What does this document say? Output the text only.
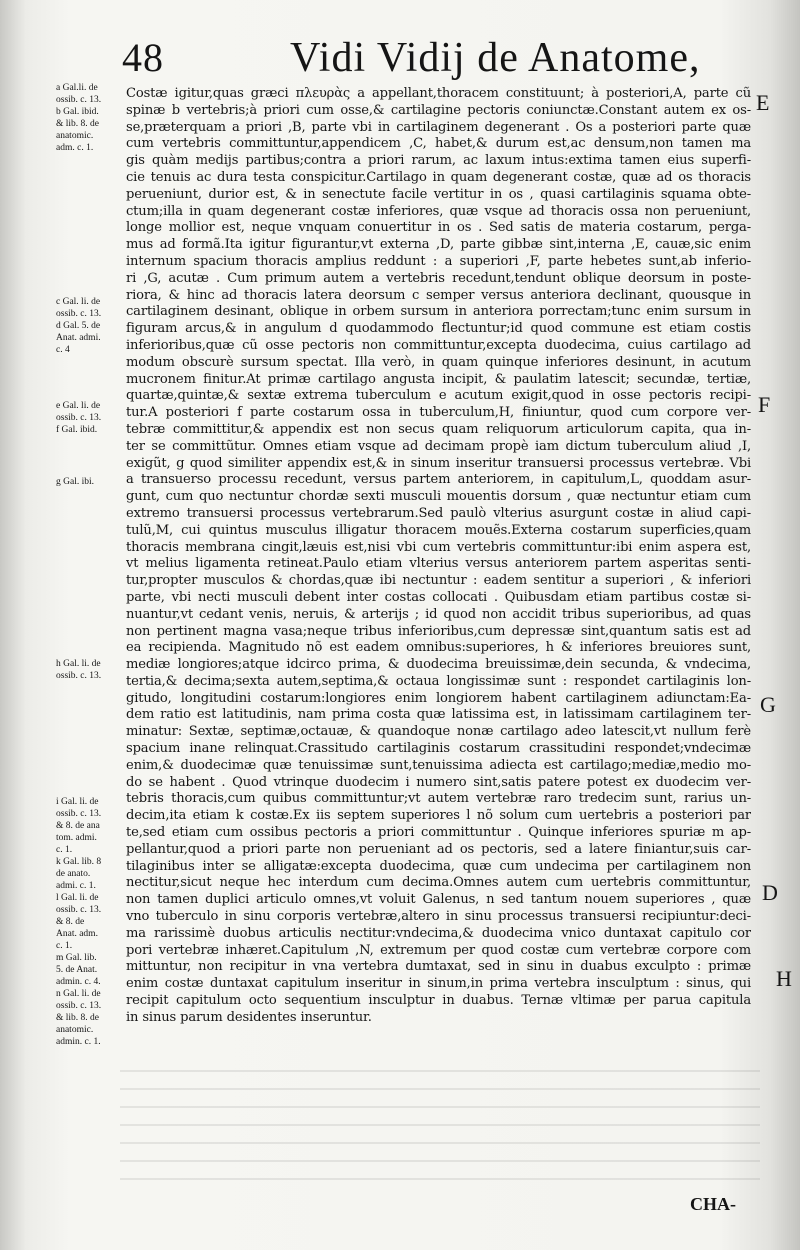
48	Vidi Vidij de Anatome,
a Gal.li. de
ossib. c. 13.
b Gal. ibid.
& lib. 8. de
anatomic.
adm. c. 1.
c Gal. li. de
ossib. c. 13.
d Gal. 5. de
Anat. admi.
c. 4
e Gal. li. de
ossib. c. 13.
f Gal. ibid.
g Gal. ibi.
h Gal. li. de
ossib. c. 13.
i Gal. li. de
ossib. c. 13.
& 8. de ana
tom. admi.
c. 1.
k Gal. lib. 8
de anato.
admi. c. 1.
l Gal. li. de
ossib. c. 13.
& 8. de
Anat. adm.
c. 1.
m Gal. lib.
5. de Anat.
admin. c. 4.
n Gal. li. de
ossib. c. 13.
& lib. 8. de
anatomic.
admin. c. 1.
E
F
G
D
H
Costæ igitur,quas græci πλευρὰς a appellant,thoracem constituunt; à posteriori,A, parte cũ
spinæ b vertebris;à priori cum osse,& cartilagine pectoris coniunctæ.Constant autem ex os-
se,præterquam a priori ,B, parte vbi in cartilaginem degenerant . Os a posteriori parte quæ
cum vertebris committuntur,appendicem ,C, habet,& durum est,ac densum,non tamen ma
gis quàm medijs partibus;contra a priori rarum, ac laxum intus:extima tamen eius superfi-
cie tenuis ac dura testa conspicitur.Cartilago in quam degenerant costæ, quæ ad os thoracis
perueniunt, durior est, & in senectute facile vertitur in os , quasi cartilaginis squama obte-
ctum;illa in quam degenerant costæ inferiores, quæ vsque ad thoracis ossa non perueniunt,
longe mollior est, neque vnquam conuertitur in os . Sed satis de materia costarum, perga-
mus ad formã.Ita igitur figurantur,vt externa ,D, parte gibbæ sint,interna ,E, cauæ,sic enim
internum spacium thoracis amplius reddunt : a superiori ,F, parte hebetes sunt,ab inferio-
ri ,G, acutæ . Cum primum autem a vertebris recedunt,tendunt oblique deorsum in poste-
riora, & hinc ad thoracis latera deorsum c semper versus anteriora declinant, quousque in
cartilaginem desinant, oblique in orbem sursum in anteriora porrectam;tunc enim sursum in
figuram arcus,& in angulum d quodammodo flectuntur;id quod commune est etiam costis
inferioribus,quæ cũ osse pectoris non committuntur,excepta duodecima, cuius cartilago ad
modum obscurè sursum spectat. Illa verò, in quam quinque inferiores desinunt, in acutum
mucronem finitur.At primæ cartilago angusta incipit, & paulatim latescit; secundæ, tertiæ,
quartæ,quintæ,& sextæ extrema tuberculum e acutum exigit,quod in osse pectoris recipi-
tur.A posteriori f parte costarum ossa in tuberculum,H, finiuntur, quod cum corpore ver-
tebræ committitur,& appendix est non secus quam reliquorum articulorum capita, qua in-
ter se committũtur. Omnes etiam vsque ad decimam propè iam dictum tuberculum aliud ,I,
exigũt, g quod similiter appendix est,& in sinum inseritur transuersi processus vertebræ. Vbi
a transuerso processu recedunt, versus partem anteriorem, in capitulum,L, quoddam asur-
gunt, cum quo nectuntur chordæ sexti musculi mouentis dorsum , quæ nectuntur etiam cum
extremo transuersi processus vertebrarum.Sed paulò vlterius asurgunt costæ in aliud capi-
tulũ,M, cui quintus musculus illigatur thoracem mouẽs.Externa costarum superficies,quam
thoracis membrana cingit,læuis est,nisi vbi cum vertebris committuntur:ibi enim aspera est,
vt melius ligamenta retineat.Paulo etiam vlterius versus anteriorem partem asperitas senti-
tur,propter musculos & chordas,quæ ibi nectuntur : eadem sentitur a superiori , & inferiori
parte, vbi necti musculi debent inter costas collocati . Quibusdam etiam partibus costæ si-
nuantur,vt cedant venis, neruis, & arterijs ; id quod non accidit tribus superioribus, ad quas
non pertinent magna vasa;neque tribus inferioribus,cum depressæ sint,quantum satis est ad
ea recipienda. Magnitudo nõ est eadem omnibus:superiores, h & inferiores breuiores sunt,
mediæ longiores;atque idcirco prima, & duodecima breuissimæ,dein secunda, & vndecima,
tertia,& decima;sexta autem,septima,& octaua longissimæ sunt : respondet cartilaginis lon-
gitudo, longitudini costarum:longiores enim longiorem habent cartilaginem adiunctam:Ea-
dem ratio est latitudinis, nam prima costa quæ latissima est, in latissimam cartilaginem ter-
minatur: Sextæ, septimæ,octauæ, & quandoque nonæ cartilago adeo latescit,vt nullum ferè
spacium inane relinquat.Crassitudo cartilaginis costarum crassitudini respondet;vndecimæ
enim,& duodecimæ quæ tenuissimæ sunt,tenuissima adiecta est cartilago;mediæ,medio mo-
do se habent . Quod vtrinque duodecim i numero sint,satis patere potest ex duodecim ver-
tebris thoracis,cum quibus committuntur;vt autem vertebræ raro tredecim sunt, rarius un-
decim,ita etiam k costæ.Ex iis septem superiores l nõ solum cum uertebris a posteriori par
te,sed etiam cum ossibus pectoris a priori committuntur . Quinque inferiores spuriæ m ap-
pellantur,quod a priori parte non perueniant ad os pectoris, sed a latere finiantur,suis car-
tilaginibus inter se alligatæ:excepta duodecima, quæ cum undecima per cartilaginem non
nectitur,sicut neque hec interdum cum decima.Omnes autem cum uertebris committuntur,
non tamen duplici articulo omnes,vt voluit Galenus, n sed tantum nouem superiores , quæ
vno tuberculo in sinu corporis vertebræ,altero in sinu processus transuersi recipiuntur:deci-
ma rarissimè duobus articulis nectitur:vndecima,& duodecima vnico duntaxat capitulo cor
pori vertebræ inhæret.Capitulum ,N, extremum per quod costæ cum vertebræ corpore com
mittuntur, non recipitur in vna vertebra dumtaxat, sed in sinu in duabus exculpto : primæ
enim costæ duntaxat capitulum inseritur in sinum,in prima vertebra insculptum : sinus, qui
recipit capitulum octo sequentium insculptur in duabus. Ternæ vltimæ per parua capitula
in sinus parum desidentes inseruntur.
CHA-
